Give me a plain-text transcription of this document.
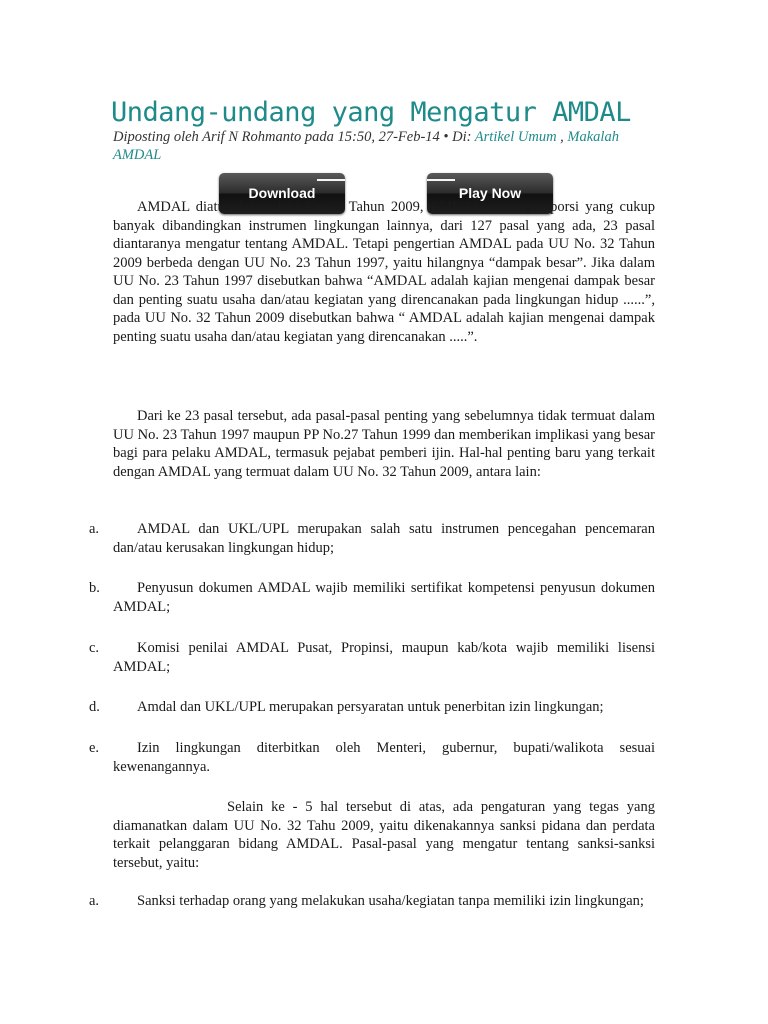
Undang-undang yang Mengatur AMDAL
Diposting oleh Arif N Rohmanto pada 15:50, 27-Feb-14 • Di: Artikel Umum , Makalah AMDAL
Download	Play Now

AMDAL diatur dalam UU No 32 Tahun 2009, AMDAL mendapat porsi yang cukup banyak dibandingkan instrumen lingkungan lainnya, dari 127 pasal yang ada, 23 pasal diantaranya mengatur tentang AMDAL. Tetapi pengertian AMDAL pada UU No. 32 Tahun 2009 berbeda dengan UU No. 23 Tahun 1997, yaitu hilangnya “dampak besar”. Jika dalam UU No. 23 Tahun 1997 disebutkan bahwa “AMDAL adalah kajian mengenai dampak besar dan penting suatu usaha dan/atau kegiatan yang direncanakan pada lingkungan hidup ......”, pada UU No. 32 Tahun 2009 disebutkan bahwa “ AMDAL adalah kajian mengenai dampak penting suatu usaha dan/atau kegiatan yang direncanakan .....”.

Dari ke 23 pasal tersebut, ada pasal-pasal penting yang sebelumnya tidak termuat dalam UU No. 23 Tahun 1997 maupun PP No.27 Tahun 1999 dan memberikan implikasi yang besar bagi para pelaku AMDAL, termasuk pejabat pemberi ijin. Hal-hal penting baru yang terkait dengan AMDAL yang termuat dalam UU No. 32 Tahun 2009, antara lain:

a.	AMDAL dan UKL/UPL merupakan salah satu instrumen pencegahan pencemaran dan/atau kerusakan lingkungan hidup;

b.	Penyusun dokumen AMDAL wajib memiliki sertifikat kompetensi penyusun dokumen AMDAL;

c.	Komisi penilai AMDAL Pusat, Propinsi, maupun kab/kota wajib memiliki lisensi AMDAL;

d.	Amdal dan UKL/UPL merupakan persyaratan untuk penerbitan izin lingkungan;

e.	Izin lingkungan diterbitkan oleh Menteri, gubernur, bupati/walikota sesuai kewenangannya.

Selain ke - 5 hal tersebut di atas, ada pengaturan yang tegas yang diamanatkan dalam UU No. 32 Tahu 2009, yaitu dikenakannya sanksi pidana dan perdata terkait pelanggaran bidang AMDAL. Pasal-pasal yang mengatur tentang sanksi-sanksi tersebut, yaitu:

a.	Sanksi terhadap orang yang melakukan usaha/kegiatan tanpa memiliki izin lingkungan;
